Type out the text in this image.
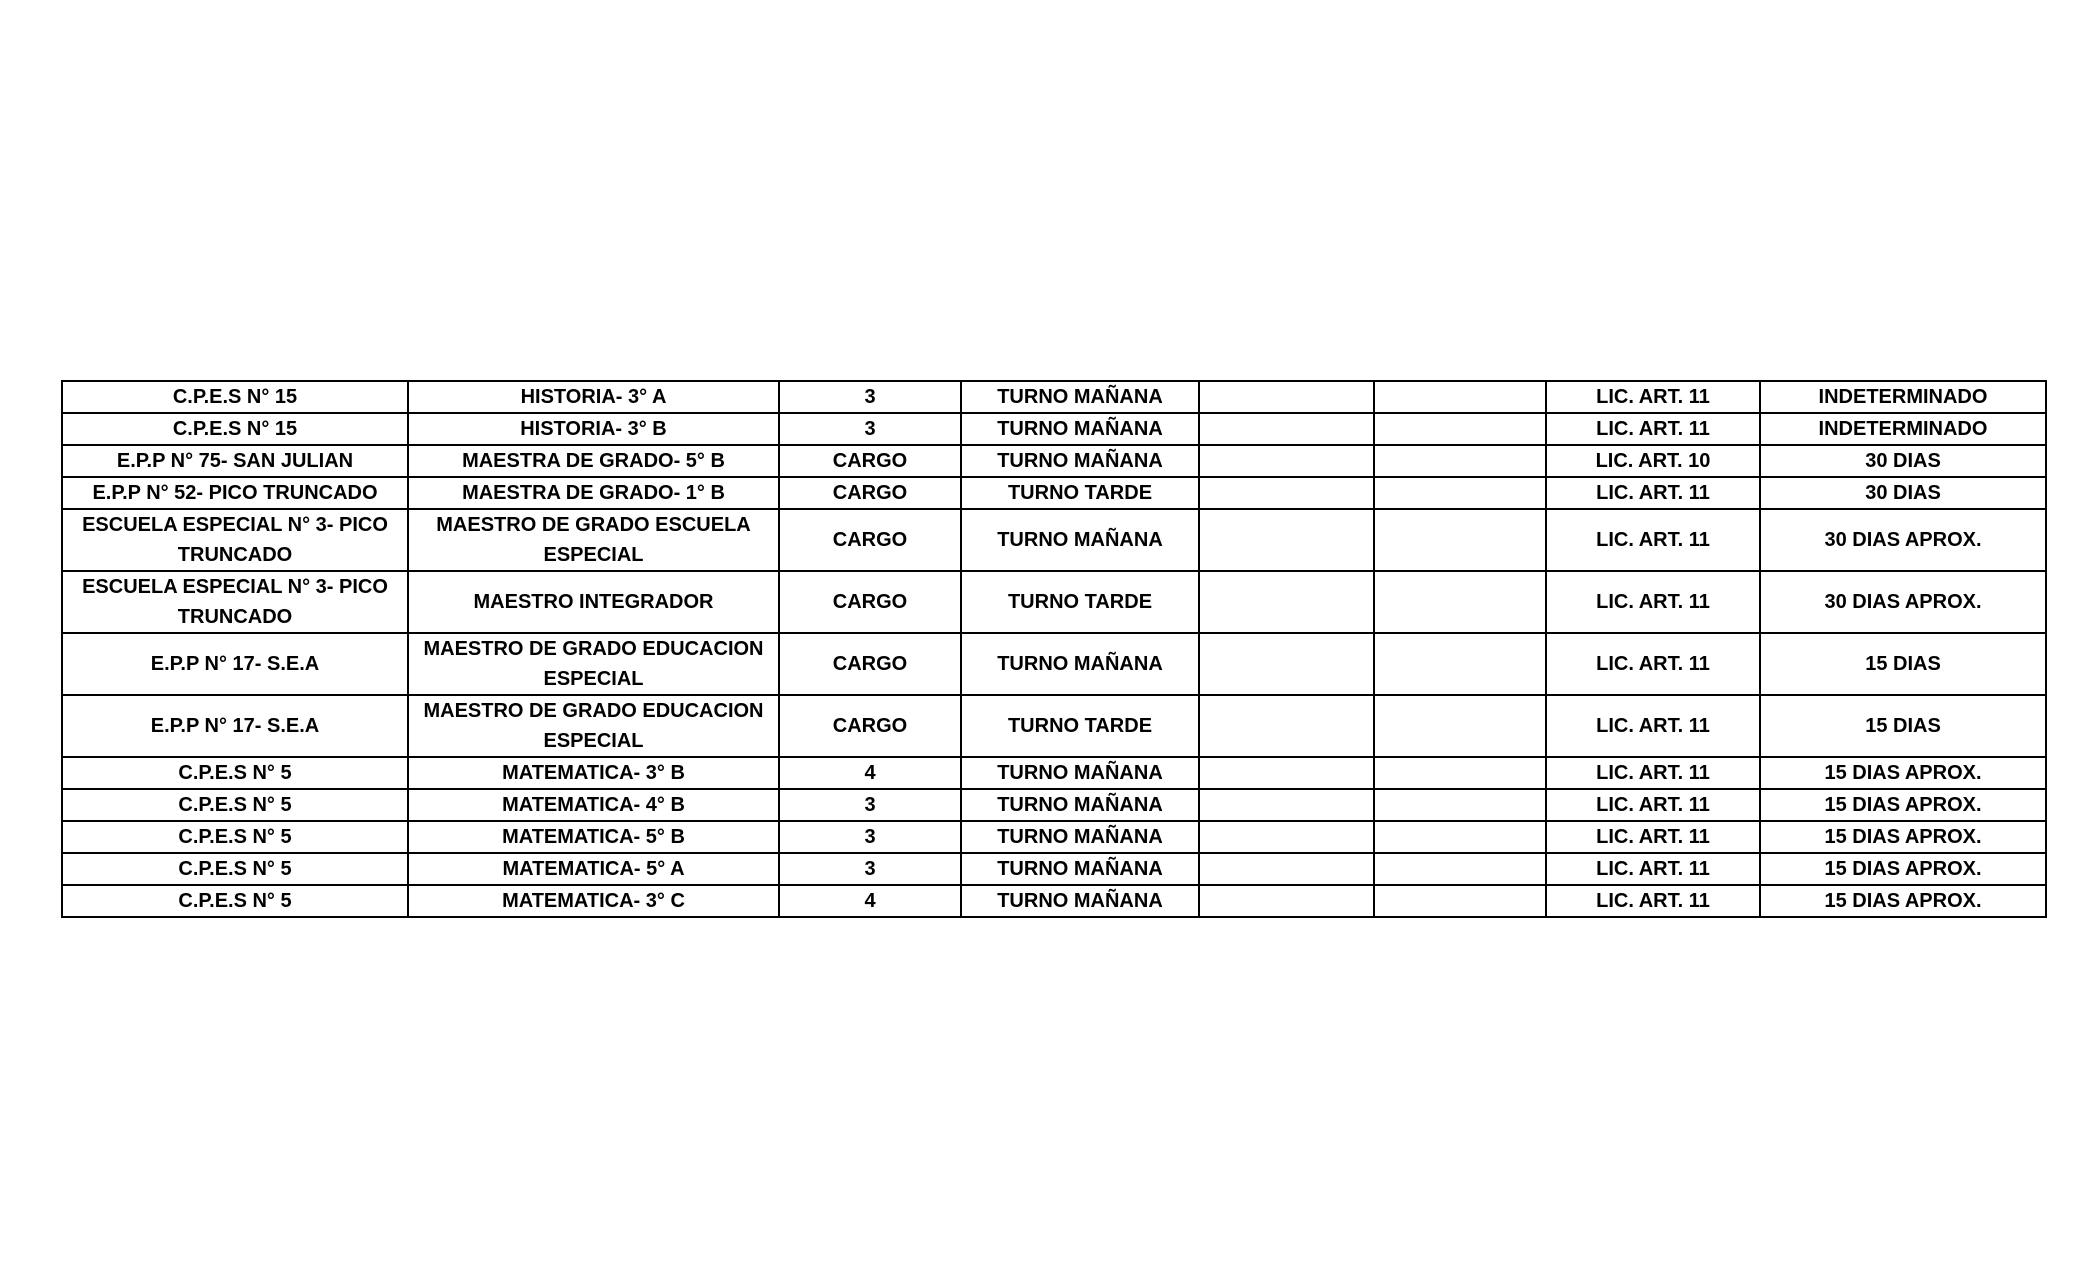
C.P.E.S N° 15	HISTORIA- 3° A	3	TURNO MAÑANA			LIC. ART. 11	INDETERMINADO
C.P.E.S N° 15	HISTORIA- 3° B	3	TURNO MAÑANA			LIC. ART. 11	INDETERMINADO
E.P.P N° 75- SAN JULIAN	MAESTRA DE GRADO- 5° B	CARGO	TURNO MAÑANA			LIC. ART. 10	30 DIAS
E.P.P N° 52- PICO TRUNCADO	MAESTRA DE GRADO- 1° B	CARGO	TURNO TARDE			LIC. ART. 11	30 DIAS
ESCUELA ESPECIAL N° 3- PICO TRUNCADO	MAESTRO DE GRADO ESCUELA ESPECIAL	CARGO	TURNO MAÑANA			LIC. ART. 11	30 DIAS APROX.
ESCUELA ESPECIAL N° 3- PICO TRUNCADO	MAESTRO INTEGRADOR	CARGO	TURNO TARDE			LIC. ART. 11	30 DIAS APROX.
E.P.P N° 17- S.E.A	MAESTRO DE GRADO EDUCACION ESPECIAL	CARGO	TURNO MAÑANA			LIC. ART. 11	15 DIAS
E.P.P N° 17- S.E.A	MAESTRO DE GRADO EDUCACION ESPECIAL	CARGO	TURNO TARDE			LIC. ART. 11	15 DIAS
C.P.E.S N° 5	MATEMATICA- 3° B	4	TURNO MAÑANA			LIC. ART. 11	15 DIAS APROX.
C.P.E.S N° 5	MATEMATICA- 4° B	3	TURNO MAÑANA			LIC. ART. 11	15 DIAS APROX.
C.P.E.S N° 5	MATEMATICA- 5° B	3	TURNO MAÑANA			LIC. ART. 11	15 DIAS APROX.
C.P.E.S N° 5	MATEMATICA- 5° A	3	TURNO MAÑANA			LIC. ART. 11	15 DIAS APROX.
C.P.E.S N° 5	MATEMATICA- 3° C	4	TURNO MAÑANA			LIC. ART. 11	15 DIAS APROX.
